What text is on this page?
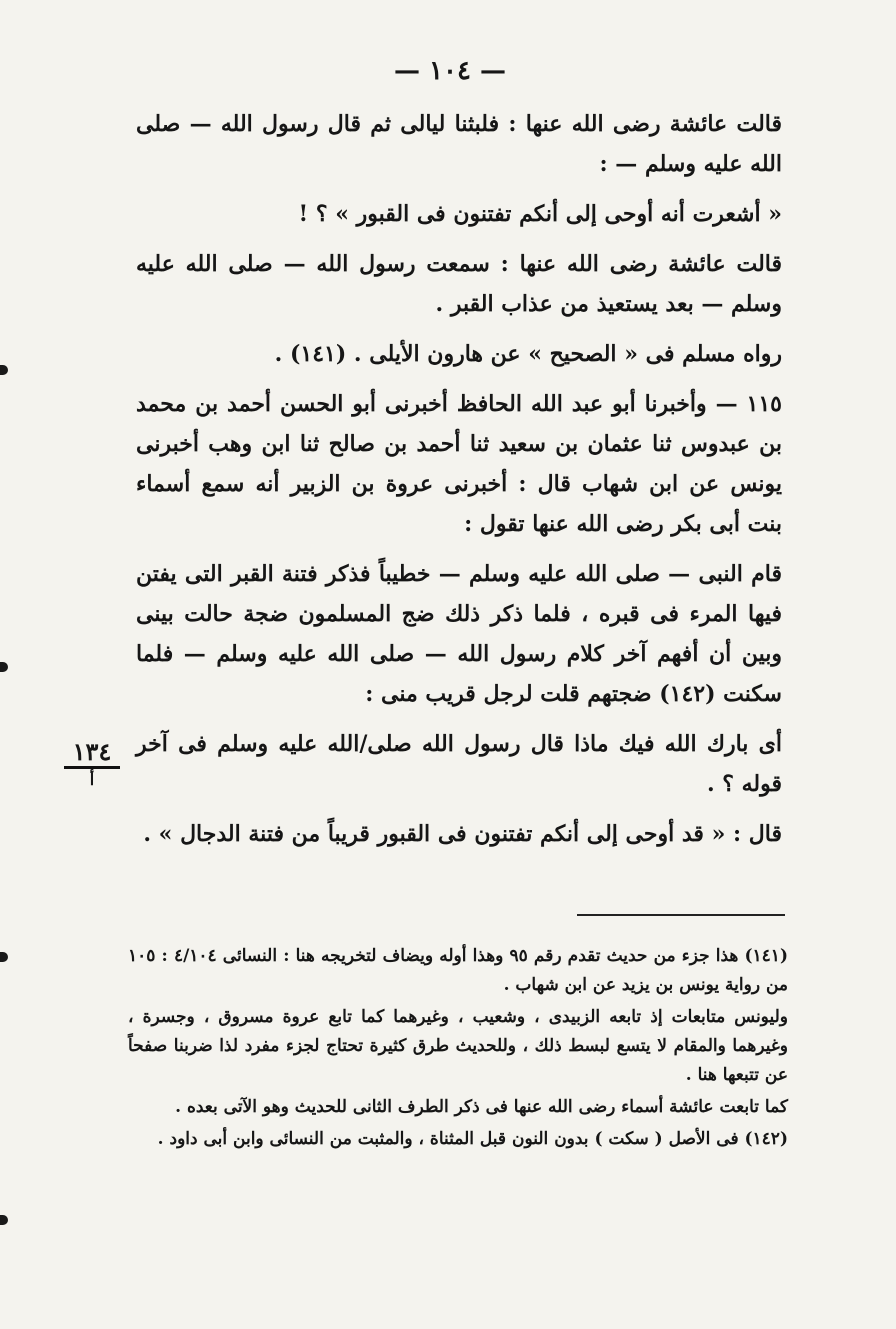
— ١٠٤ —

قالت عائشة رضى الله عنها : فلبثنا ليالى ثم قال رسول الله — صلى الله عليه وسلم — :

« أشعرت أنه أوحى إلى أنكم تفتنون فى القبور » ؟ !

قالت عائشة رضى الله عنها : سمعت رسول الله — صلى الله عليه وسلم — بعد يستعيذ من عذاب القبر .

رواه مسلم فى « الصحيح » عن هارون الأيلى . (١٤١) .

١١٥ — وأخبرنا أبو عبد الله الحافظ أخبرنى أبو الحسن أحمد بن محمد بن عبدوس ثنا عثمان بن سعيد ثنا أحمد بن صالح ثنا ابن وهب أخبرنى يونس عن ابن شهاب قال : أخبرنى عروة بن الزبير أنه سمع أسماء بنت أبى بكر رضى الله عنها تقول :

قام النبى — صلى الله عليه وسلم — خطيباً فذكر فتنة القبر التى يفتن فيها المرء فى قبره ، فلما ذكر ذلك ضج المسلمون ضجة حالت بينى وبين أن أفهم آخر كلام رسول الله — صلى الله عليه وسلم — فلما سكنت (١٤٢) ضجتهم قلت لرجل قريب منى :

أى بارك الله فيك ماذا قال رسول الله صلى/الله عليه وسلم فى آخر قوله ؟ .

قال : « قد أوحى إلى أنكم تفتنون فى القبور قريباً من فتنة الدجال » .

١٣٤
أ

(١٤١) هذا جزء من حديث تقدم رقم ٩٥ وهذا أوله ويضاف لتخريجه هنا : النسائى ٤/١٠٤ : ١٠٥ من رواية يونس بن يزيد عن ابن شهاب .

وليونس متابعات إذ تابعه الزبيدى ، وشعيب ، وغيرهما كما تابع عروة مسروق ، وجسرة ، وغيرهما والمقام لا يتسع لبسط ذلك ، وللحديث طرق كثيرة تحتاج لجزء مفرد لذا ضربنا صفحاً عن تتبعها هنا .

كما تابعت عائشة أسماء رضى الله عنها فى ذكر الطرف الثانى للحديث وهو الآتى بعده .

(١٤٢) فى الأصل ( سكت ) بدون النون قبل المثناة ، والمثبت من النسائى وابن أبى داود .
